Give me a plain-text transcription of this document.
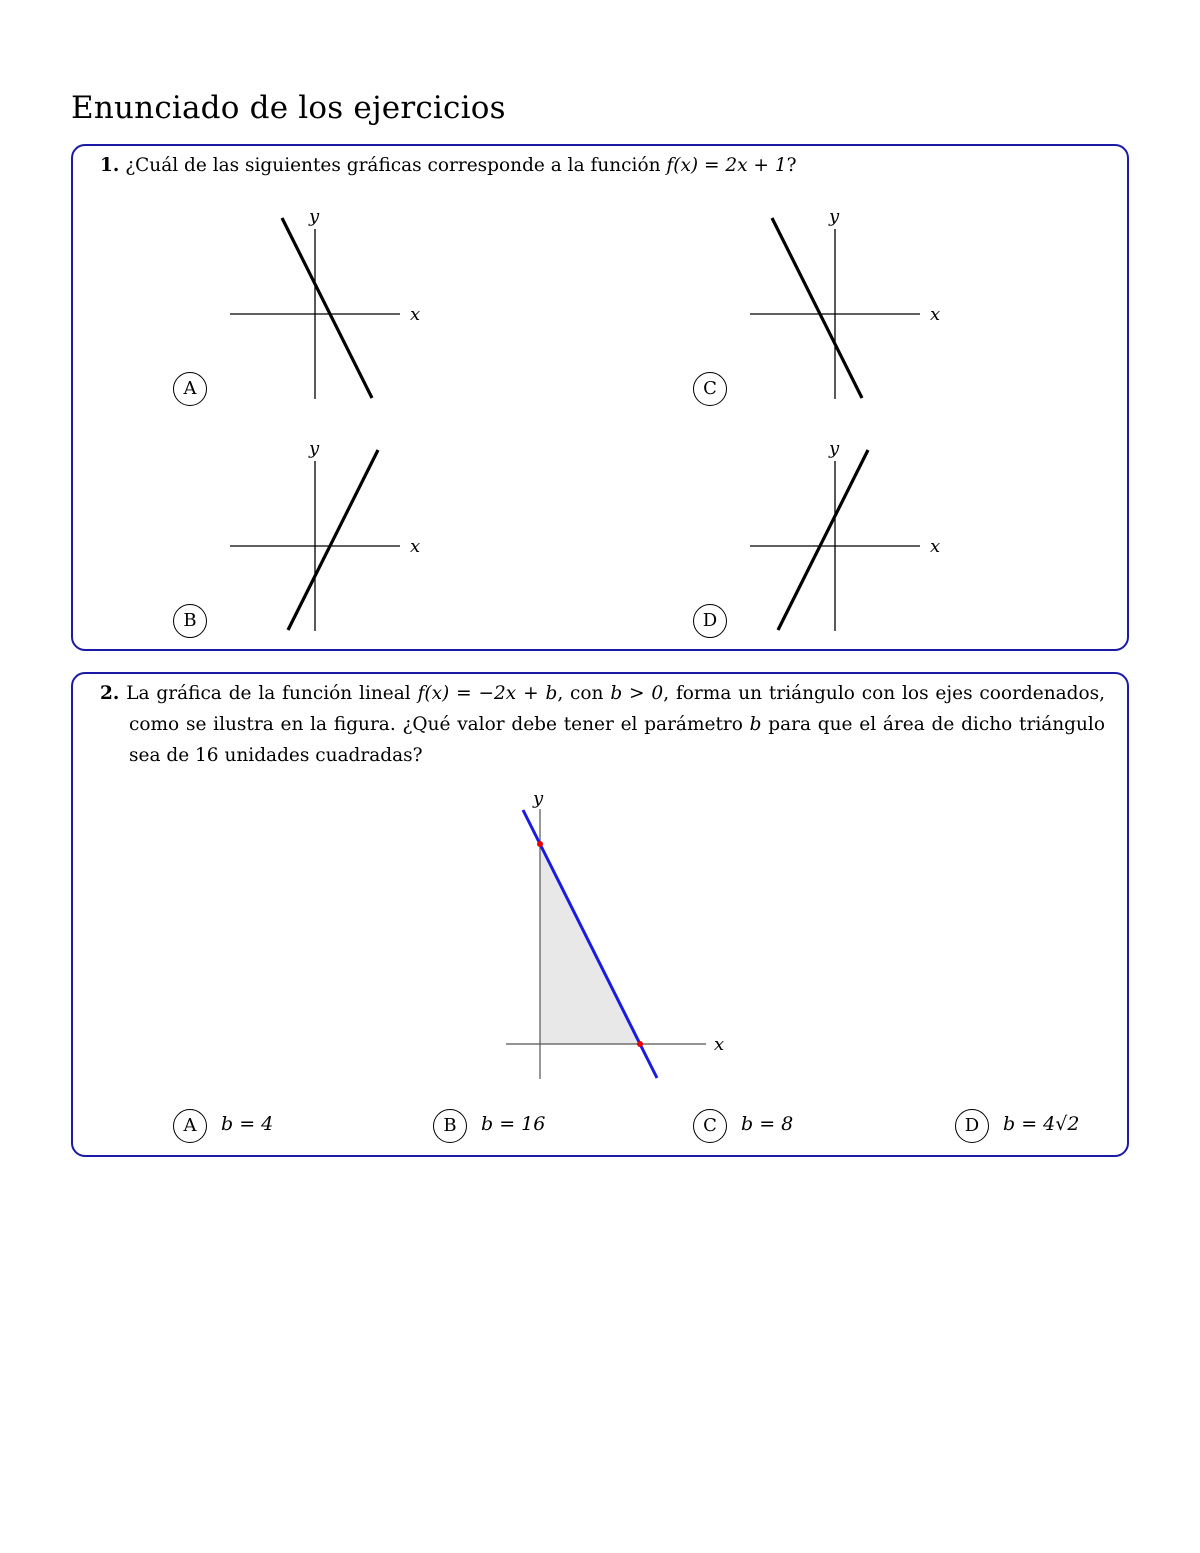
Enunciado de los ejercicios
1. ¿Cuál de las siguientes gráficas corresponde a la función f(x) = 2x + 1?
A
x
y
B
x
y
C
x
y
D
x
y
2. La gráfica de la función lineal f(x) = −2x + b, con b > 0, forma un triángulo con los ejes coordenados, como se ilustra en la figura. ¿Qué valor debe tener el parámetro b para que el área de dicho triángulo sea de 16 unidades cuadradas?
x
y
A	b = 4	B	b = 16	C	b = 8	D	b = 4√2
